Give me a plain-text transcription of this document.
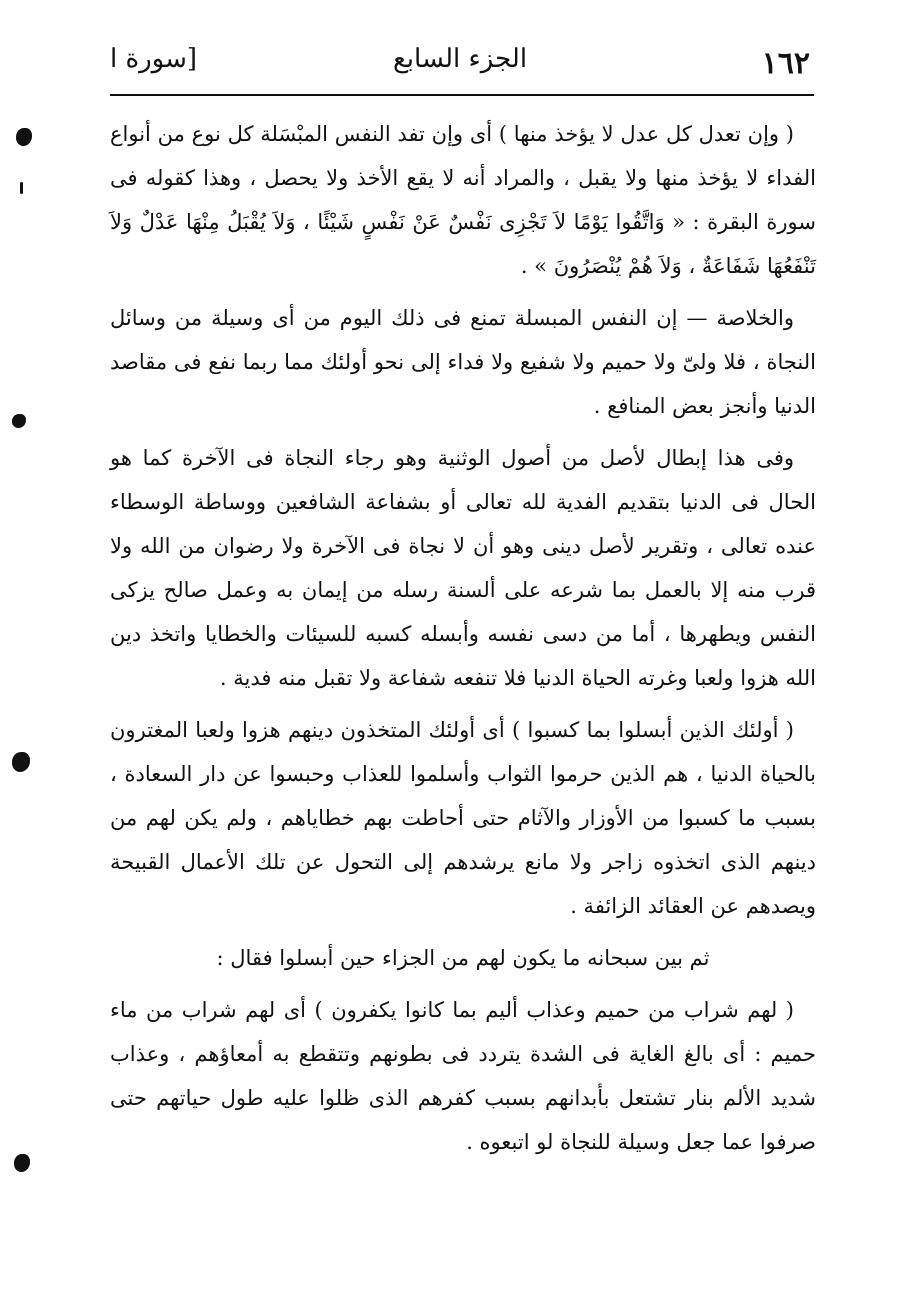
١٦٢
الجزء السابع
[سورة ا

( وإن تعدل كل عدل لا يؤخذ منها ) أى وإن تفد النفس المبْسَلة كل نوع من أنواع الفداء لا يؤخذ منها ولا يقبل ، والمراد أنه لا يقع الأخذ ولا يحصل ، وهذا كقوله فى سورة البقرة : « وَاتَّقُوا يَوْمًا لاَ تَجْزِى نَفْسٌ عَنْ نَفْسٍ شَيْئًا ، وَلاَ يُقْبَلُ مِنْهَا عَدْلٌ وَلاَ تَنْفَعُهَا شَفَاعَةٌ ، وَلاَ هُمْ يُنْصَرُونَ » .

والخلاصة — إن النفس المبسلة تمنع فى ذلك اليوم من أى وسيلة من وسائل النجاة ، فلا ولىّ ولا حميم ولا شفيع ولا فداء إلى نحو أولئك مما ربما نفع فى مقاصد الدنيا وأنجز بعض المنافع .

وفى هذا إبطال لأصل من أصول الوثنية وهو رجاء النجاة فى الآخرة كما هو الحال فى الدنيا بتقديم الفدية لله تعالى أو بشفاعة الشافعين ووساطة الوسطاء عنده تعالى ، وتقرير لأصل دينى وهو أن لا نجاة فى الآخرة ولا رضوان من الله ولا قرب منه إلا بالعمل بما شرعه على ألسنة رسله من إيمان به وعمل صالح يزكى النفس ويطهرها ، أما من دسى نفسه وأبسله كسبه للسيئات والخطايا واتخذ دين الله هزوا ولعبا وغرته الحياة الدنيا فلا تنفعه شفاعة ولا تقبل منه فدية .

( أولئك الذين أبسلوا بما كسبوا ) أى أولئك المتخذون دينهم هزوا ولعبا المغترون بالحياة الدنيا ، هم الذين حرموا الثواب وأسلموا للعذاب وحبسوا عن دار السعادة ، بسبب ما كسبوا من الأوزار والآثام حتى أحاطت بهم خطاياهم ، ولم يكن لهم من دينهم الذى اتخذوه زاجر ولا مانع يرشدهم إلى التحول عن تلك الأعمال القبيحة ويصدهم عن العقائد الزائفة .

ثم بين سبحانه ما يكون لهم من الجزاء حين أبسلوا فقال :

( لهم شراب من حميم وعذاب أليم بما كانوا يكفرون ) أى لهم شراب من ماء حميم : أى بالغ الغاية فى الشدة يتردد فى بطونهم وتتقطع به أمعاؤهم ، وعذاب شديد الألم بنار تشتعل بأبدانهم بسبب كفرهم الذى ظلوا عليه طول حياتهم حتى صرفوا عما جعل وسيلة للنجاة لو اتبعوه .
